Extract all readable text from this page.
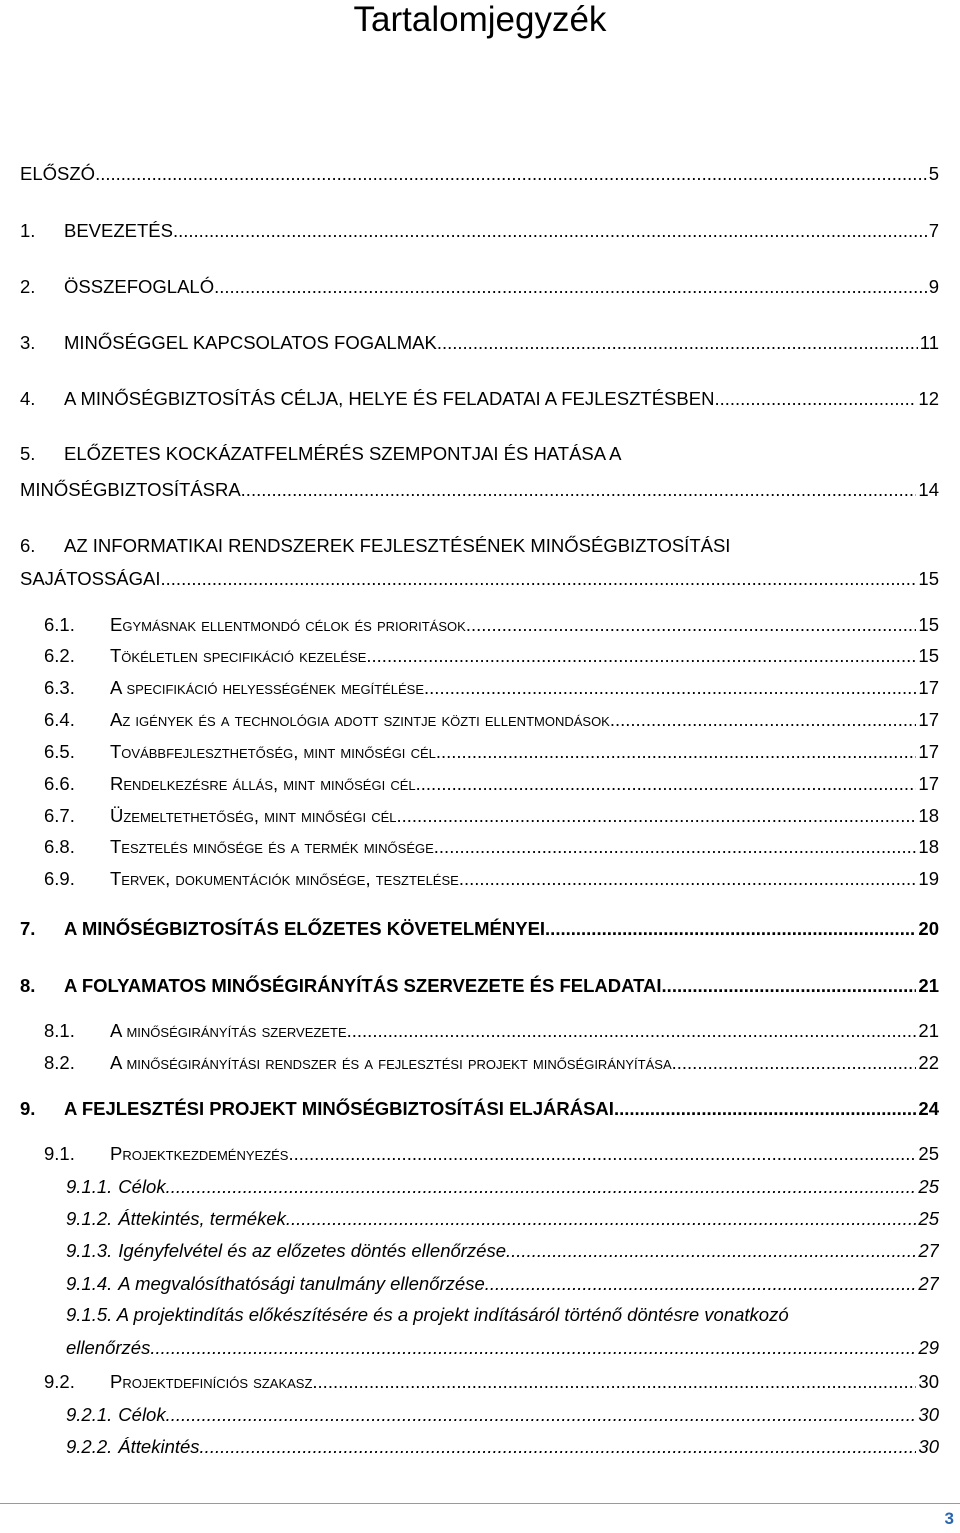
Tartalomjegyzék
ELŐSZÓ .....	5
1.	BEVEZETÉS .....	7
2.	ÖSSZEFOGLALÓ .....	9
3.	MINŐSÉGGEL KAPCSOLATOS FOGALMAK .....	11
4.	A MINŐSÉGBIZTOSÍTÁS CÉLJA, HELYE ÉS FELADATAI A FEJLESZTÉSBEN .....	12
5. ELŐZETES KOCKÁZATFELMÉRÉS SZEMPONTJAI ÉS HATÁSA A
MINŐSÉGBIZTOSÍTÁSRA .....	14
6. AZ INFORMATIKAI RENDSZEREK FEJLESZTÉSÉNEK MINŐSÉGBIZTOSÍTÁSI
SAJÁTOSSÁGAI .....	15
6.1.	Egymásnak ellentmondó célok és prioritások .....	15
6.2.	Tökéletlen specifikáció kezelése .....	15
6.3.	A specifikáció helyességének megítélése .....	17
6.4.	Az igények és a technológia adott szintje közti ellentmondások .....	17
6.5.	Továbbfejleszthetőség, mint minőségi cél .....	17
6.6.	Rendelkezésre állás, mint minőségi cél .....	17
6.7.	Üzemeltethetőség, mint minőségi cél .....	18
6.8.	Tesztelés minősége és a termék minősége .....	18
6.9.	Tervek, dokumentációk minősége, tesztelése .....	19
7.	A MINŐSÉGBIZTOSÍTÁS ELŐZETES KÖVETELMÉNYEI .....	20
8.	A FOLYAMATOS MINŐSÉGIRÁNYÍTÁS SZERVEZETE ÉS FELADATAI .....	21
8.1.	A minőségirányítás szervezete .....	21
8.2.	A minőségirányítási rendszer és a fejlesztési projekt minőségirányítása .....	22
9.	A FEJLESZTÉSI PROJEKT MINŐSÉGBIZTOSÍTÁSI ELJÁRÁSAI .....	24
9.1.	Projektkezdeményezés .....	25
9.1.1. Célok .....	25
9.1.2. Áttekintés, termékek .....	25
9.1.3. Igényfelvétel és az előzetes döntés ellenőrzése .....	27
9.1.4. A megvalósíthatósági tanulmány ellenőrzése .....	27
9.1.5. A projektindítás előkészítésére és a projekt indításáról történő döntésre vonatkozó
ellenőrzés .....	29
9.2.	Projektdefiníciós szakasz .....	30
9.2.1. Célok .....	30
9.2.2. Áttekintés .....	30
3
